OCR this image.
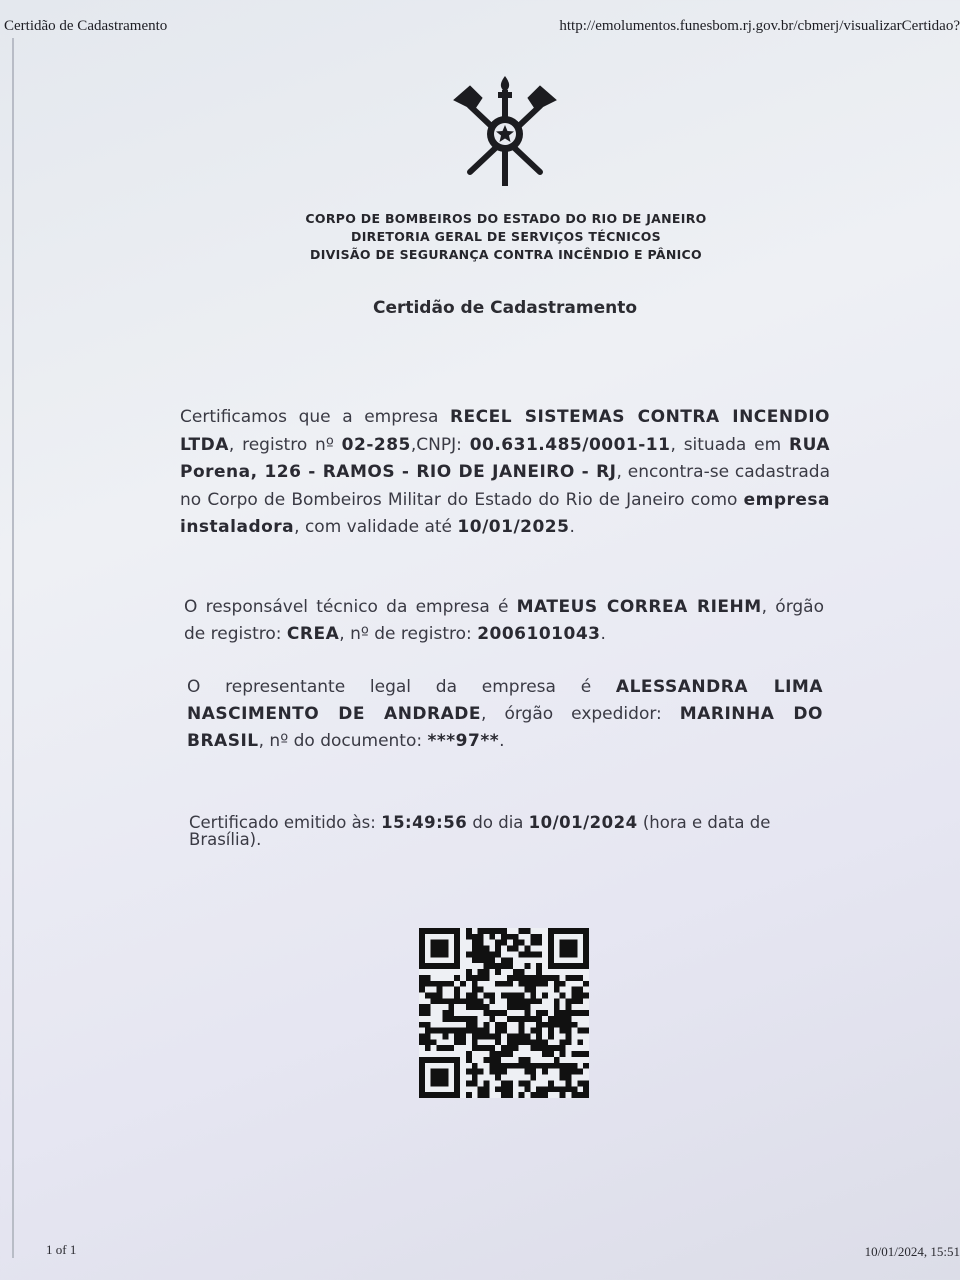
Certidão de Cadastramento	http://emolumentos.funesbom.rj.gov.br/cbmerj/visualizarCertidao?
CORPO DE BOMBEIROS DO ESTADO DO RIO DE JANEIRO
DIRETORIA GERAL DE SERVIÇOS TÉCNICOS
DIVISÃO DE SEGURANÇA CONTRA INCÊNDIO E PÂNICO
Certidão de Cadastramento
Certificamos que a empresa RECEL SISTEMAS CONTRA INCENDIO LTDA, registro nº 02-285,CNPJ: 00.631.485/0001-11, situada em RUA Porena, 126 - RAMOS - RIO DE JANEIRO - RJ, encontra-se cadastrada no Corpo de Bombeiros Militar do Estado do Rio de Janeiro como empresa instaladora, com validade até 10/01/2025.
O responsável técnico da empresa é MATEUS CORREA RIEHM, órgão de registro: CREA, nº de registro: 2006101043.
O representante legal da empresa é ALESSANDRA LIMA NASCIMENTO DE ANDRADE, órgão expedidor: MARINHA DO BRASIL, nº do documento: ***97**.
Certificado emitido às: 15:49:56 do dia 10/01/2024 (hora e data de Brasília).
1 of 1	10/01/2024, 15:51
